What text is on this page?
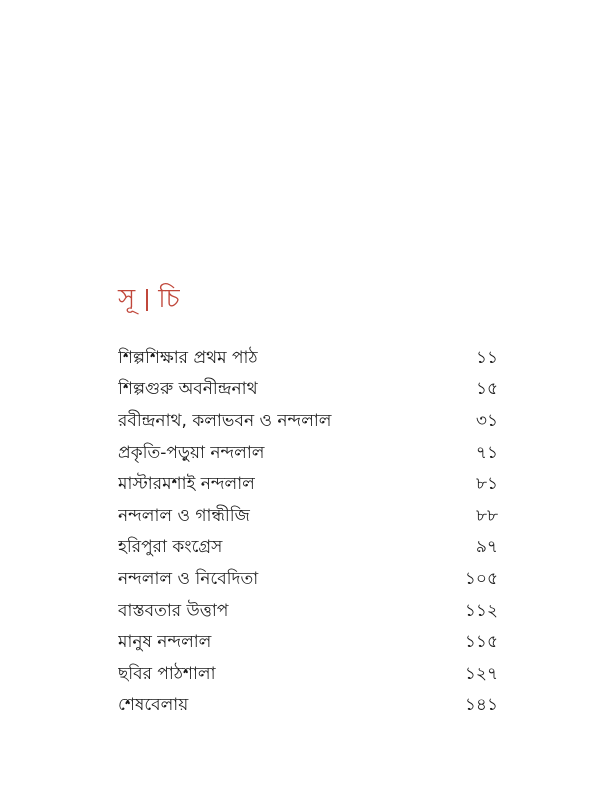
সূ চি
শিল্পশিক্ষার প্রথম পাঠ	১১
শিল্পগুরু অবনীন্দ্রনাথ	১৫
রবীন্দ্রনাথ, কলাভবন ও নন্দলাল	৩১
প্রকৃতি-পড়ুয়া নন্দলাল	৭১
মাস্টারমশাই নন্দলাল	৮১
নন্দলাল ও গান্ধীজি	৮৮
হরিপুরা কংগ্রেস	৯৭
নন্দলাল ও নিবেদিতা	১০৫
বাস্তবতার উত্তাপ	১১২
মানুষ নন্দলাল	১১৫
ছবির পাঠশালা	১২৭
শেষবেলায়	১৪১
